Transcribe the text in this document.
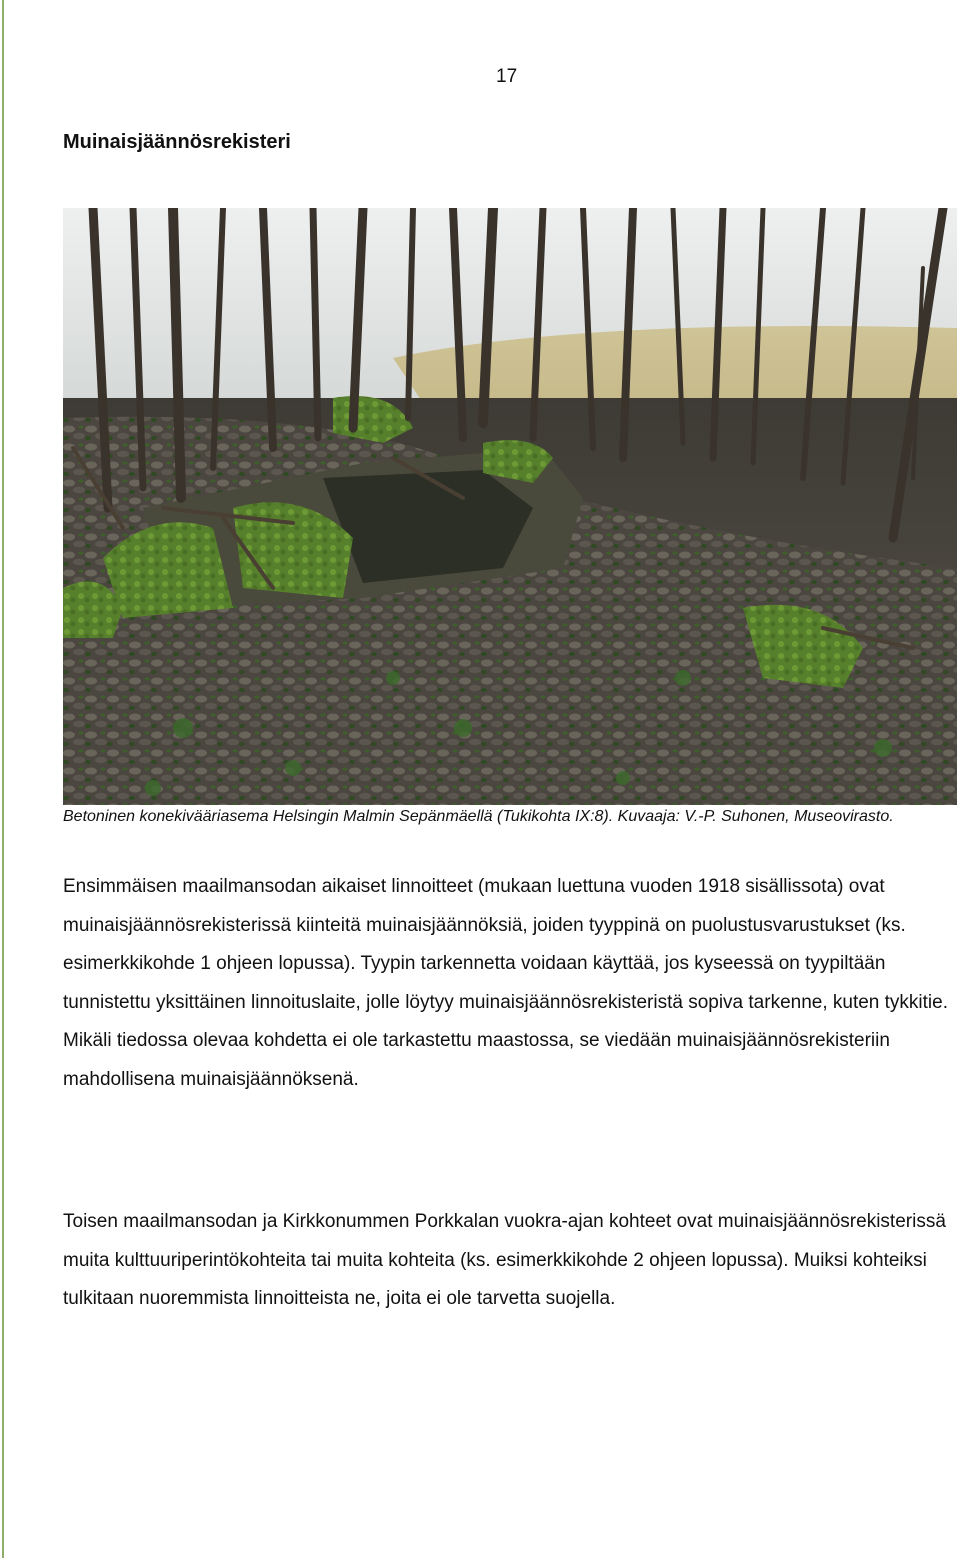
17
Muinaisjäännösrekisteri

Betoninen konekivääriasema Helsingin Malmin Sepänmäellä (Tukikohta IX:8). Kuvaaja: V.-P. Suhonen, Museovirasto.

Ensimmäisen maailmansodan aikaiset linnoitteet (mukaan luettuna vuoden 1918 sisällissota) ovat muinaisjäännösrekisterissä kiinteitä muinaisjäännöksiä, joiden tyyppinä on puolustusvarustukset (ks. esimerkkikohde 1 ohjeen lopussa). Tyypin tarkennetta voidaan käyttää, jos kyseessä on tyypiltään tunnistettu yksittäinen linnoituslaite, jolle löytyy muinaisjäännösrekisteristä sopiva tarkenne, kuten tykkitie. Mikäli tiedossa olevaa kohdetta ei ole tarkastettu maastossa, se viedään muinaisjäännösrekisteriin mahdollisena muinaisjäännöksenä.

Toisen maailmansodan ja Kirkkonummen Porkkalan vuokra-ajan kohteet ovat muinaisjäännösrekisterissä muita kulttuuriperintökohteita tai muita kohteita (ks. esimerkkikohde 2 ohjeen lopussa). Muiksi kohteiksi tulkitaan nuoremmista linnoitteista ne, joita ei ole tarvetta suojella.
